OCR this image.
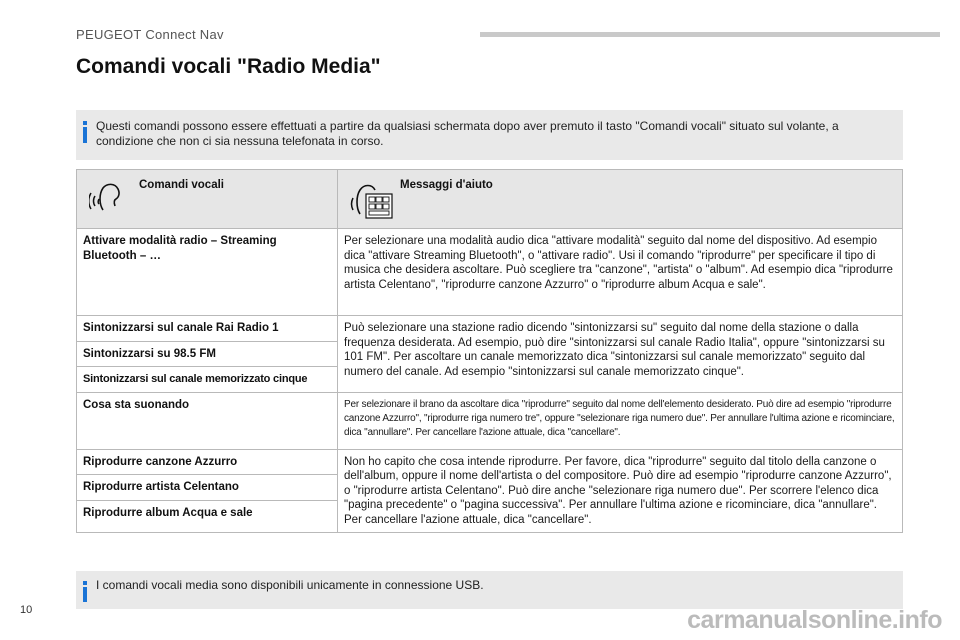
PEUGEOT Connect Nav
Comandi vocali "Radio Media"
Questi comandi possono essere effettuati a partire da qualsiasi schermata dopo aver premuto il tasto "Comandi vocali" situato sul volante, a condizione che non ci sia nessuna telefonata in corso.
Comandi vocali	Messaggi d'aiuto

Attivare modalità radio – Streaming Bluetooth – …	Per selezionare una modalità audio dica "attivare modalità" seguito dal nome del dispositivo. Ad esempio dica "attivare Streaming Bluetooth", o "attivare radio". Usi il comando "riprodurre" per specificare il tipo di musica che desidera ascoltare. Può scegliere tra "canzone", "artista" o "album". Ad esempio dica "riprodurre artista Celentano", "riprodurre canzone Azzurro" o "riprodurre album Acqua e sale".
Sintonizzarsi sul canale Rai Radio 1	Può selezionare una stazione radio dicendo "sintonizzarsi su" seguito dal nome della stazione o dalla frequenza desiderata. Ad esempio, può dire "sintonizzarsi sul canale Radio Italia", oppure "sintonizzarsi su 101 FM". Per ascoltare un canale memorizzato dica "sintonizzarsi sul canale memorizzato" seguito dal numero del canale. Ad esempio "sintonizzarsi sul canale memorizzato cinque".
Sintonizzarsi su 98.5 FM	
Sintonizzarsi sul canale memorizzato cinque	
Cosa sta suonando	Per selezionare il brano da ascoltare dica "riprodurre" seguito dal nome dell'elemento desiderato. Può dire ad esempio "riprodurre canzone Azzurro", "riprodurre riga numero tre", oppure "selezionare riga numero due". Per annullare l'ultima azione e ricominciare, dica "annullare". Per cancellare l'azione attuale, dica "cancellare".
Riprodurre canzone Azzurro	Non ho capito che cosa intende riprodurre. Per favore, dica "riprodurre" seguito dal titolo della canzone o dell'album, oppure il nome dell'artista o del compositore. Può dire ad esempio "riprodurre canzone Azzurro", o "riprodurre artista Celentano". Può dire anche "selezionare riga numero due". Per scorrere l'elenco dica "pagina precedente" o "pagina successiva". Per annullare l'ultima azione e ricominciare, dica "annullare". Per cancellare l'azione attuale, dica "cancellare".
Riprodurre artista Celentano	
Riprodurre album Acqua e sale	
I comandi vocali media sono disponibili unicamente in connessione USB.
10	carmanualsonline.info
